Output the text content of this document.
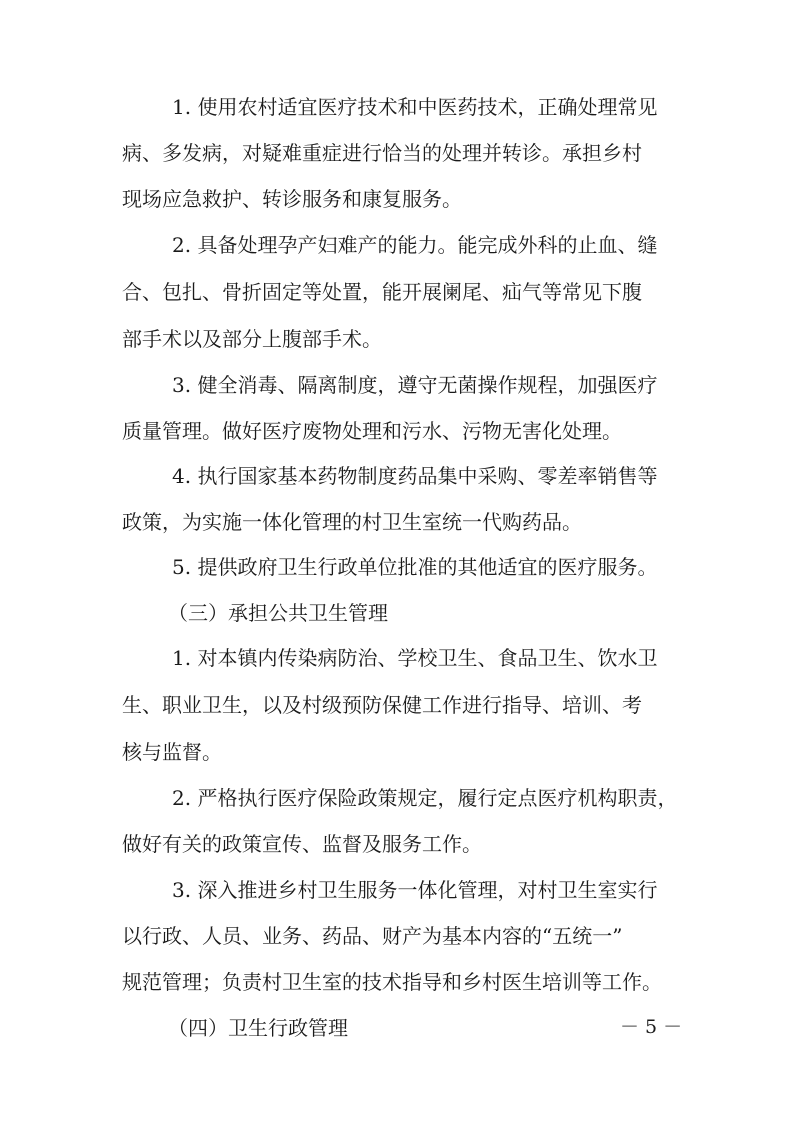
1. 使用农村适宜医疗技术和中医药技术，正确处理常见

病、多发病，对疑难重症进行恰当的处理并转诊。承担乡村

现场应急救护、转诊服务和康复服务。

2. 具备处理孕产妇难产的能力。能完成外科的止血、缝

合、包扎、骨折固定等处置，能开展阑尾、疝气等常见下腹

部手术以及部分上腹部手术。

3. 健全消毒、隔离制度，遵守无菌操作规程，加强医疗

质量管理。做好医疗废物处理和污水、污物无害化处理。

4. 执行国家基本药物制度药品集中采购、零差率销售等

政策，为实施一体化管理的村卫生室统一代购药品。

5. 提供政府卫生行政单位批准的其他适宜的医疗服务。

（三）承担公共卫生管理

1. 对本镇内传染病防治、学校卫生、食品卫生、饮水卫

生、职业卫生，以及村级预防保健工作进行指导、培训、考

核与监督。

2. 严格执行医疗保险政策规定，履行定点医疗机构职责，

做好有关的政策宣传、监督及服务工作。

3. 深入推进乡村卫生服务一体化管理，对村卫生室实行

以行政、人员、业务、药品、财产为基本内容的“五统一”

规范管理；负责村卫生室的技术指导和乡村医生培训等工作。

（四）卫生行政管理	－ 5 －
